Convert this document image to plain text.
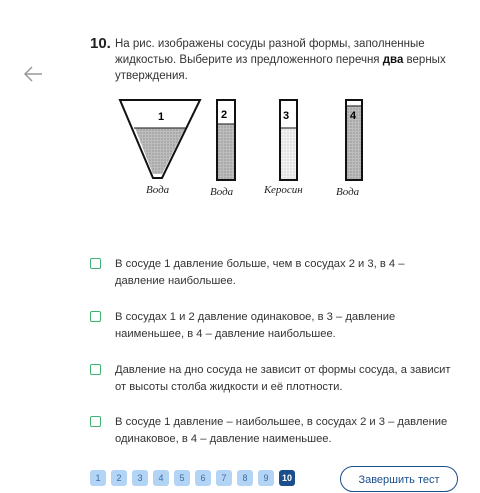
10. На рис. изображены сосуды разной формы, заполненные жидкостью. Выберите из предложенного перечня два верных утверждения.
1	2	3	4
Вода	Вода	Керосин	Вода
В сосуде 1 давление больше, чем в сосудах 2 и 3, в 4 – давление наибольшее.
В сосудах 1 и 2 давление одинаковое, в 3 – давление наименьшее, в 4 – давление наибольшее.
Давление на дно сосуда не зависит от формы сосуда, а зависит от высоты столба жидкости и её плотности.
В сосуде 1 давление – наибольшее, в сосудах 2 и 3 – давление одинаковое, в 4 – давление наименьшее.
1	2	3	4	5	6	7	8	9	10	Завершить тест
